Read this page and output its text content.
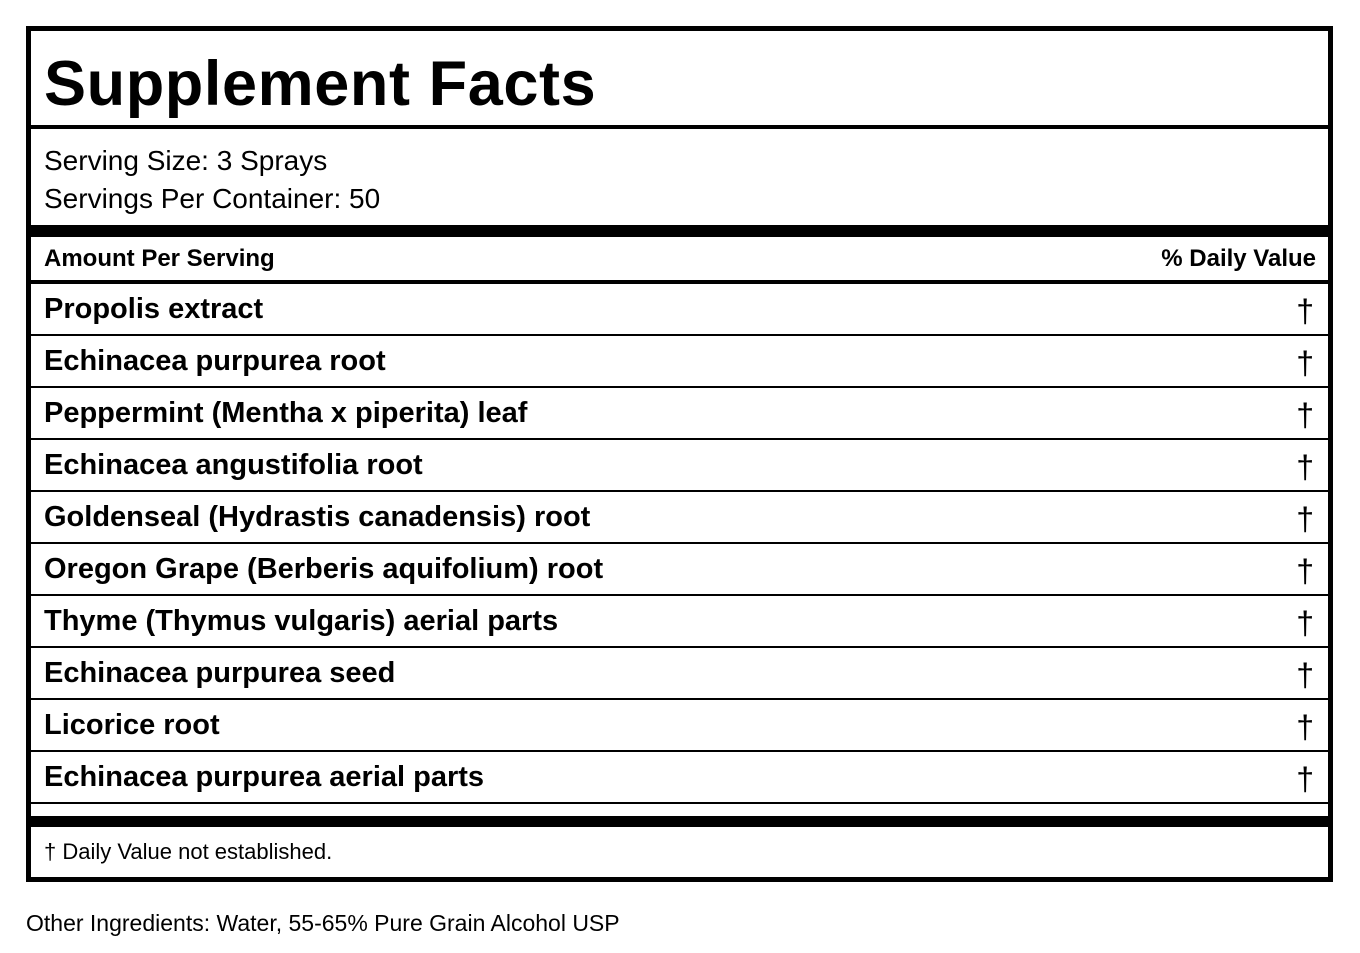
Supplement Facts
Serving Size: 3 Sprays
Servings Per Container: 50
Amount Per Serving	% Daily Value
Propolis extract	†
Echinacea purpurea root	†
Peppermint (Mentha x piperita) leaf	†
Echinacea angustifolia root	†
Goldenseal (Hydrastis canadensis) root	†
Oregon Grape (Berberis aquifolium) root	†
Thyme (Thymus vulgaris) aerial parts	†
Echinacea purpurea seed	†
Licorice root	†
Echinacea purpurea aerial parts	†
† Daily Value not established.
Other Ingredients: Water, 55-65% Pure Grain Alcohol USP
